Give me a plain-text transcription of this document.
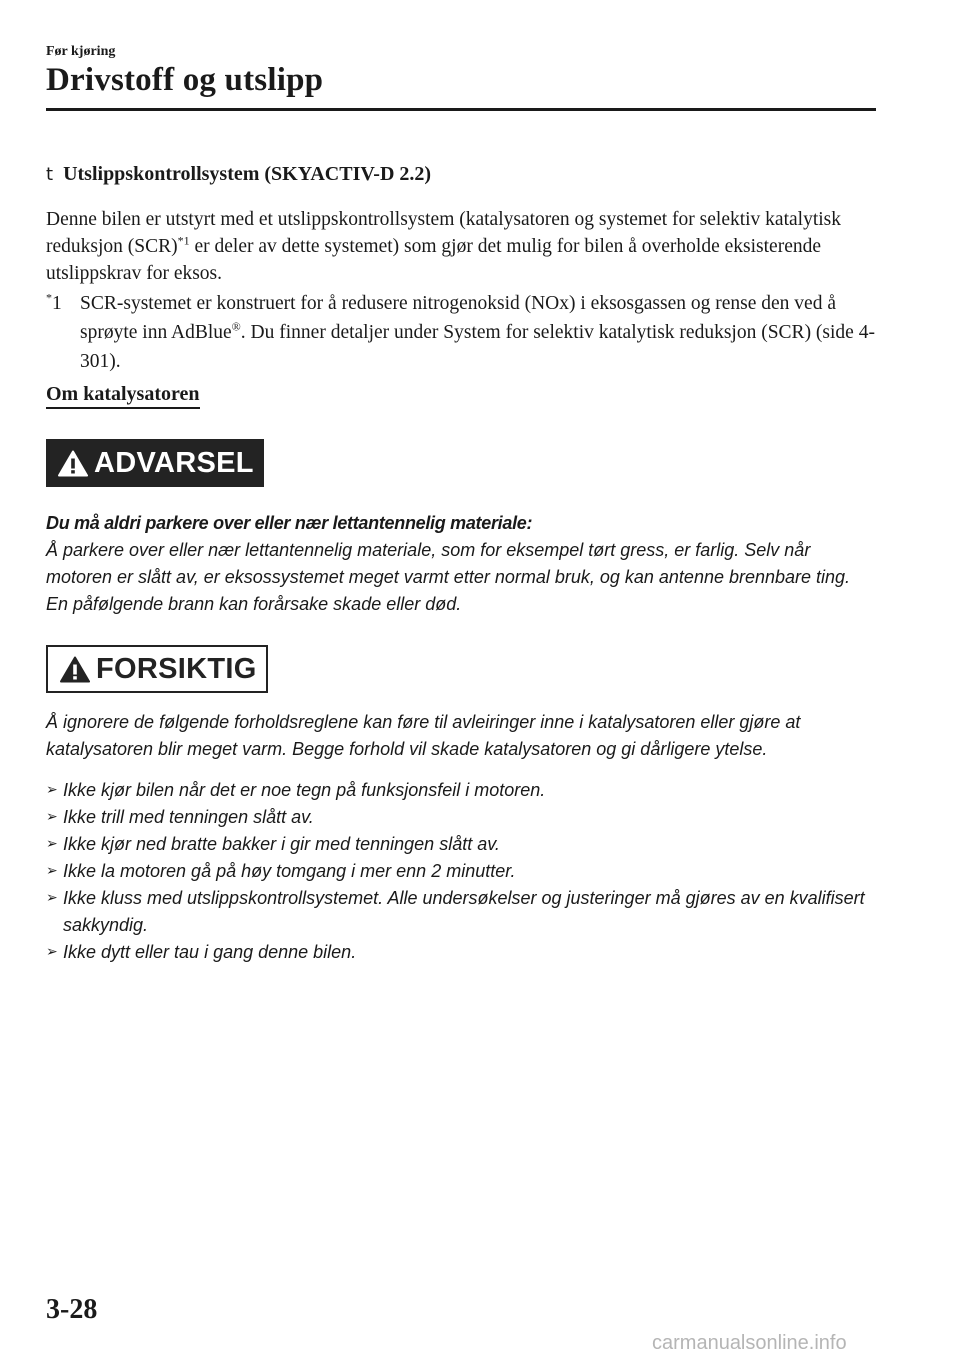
Før kjøring
Drivstoff og utslipp
t Utslippskontrollsystem (SKYACTIV-D 2.2)
Denne bilen er utstyrt med et utslippskontrollsystem (katalysatoren og systemet for selektiv katalytisk reduksjon (SCR)$^{*1}$ er deler av dette systemet) som gjør det mulig for bilen å overholde eksisterende utslippskrav for eksos.
*1 SCR-systemet er konstruert for å redusere nitrogenoksid (NOx) i eksosgassen og rense den ved å sprøyte inn AdBlue®. Du finner detaljer under System for selektiv katalytisk reduksjon (SCR) (side 4-301).
Om katalysatoren
ADVARSEL
Du må aldri parkere over eller nær lettantennelig materiale:
Å parkere over eller nær lettantennelig materiale, som for eksempel tørt gress, er farlig. Selv når motoren er slått av, er eksossystemet meget varmt etter normal bruk, og kan antenne brennbare ting. En påfølgende brann kan forårsake skade eller død.
FORSIKTIG
Å ignorere de følgende forholdsreglene kan føre til avleiringer inne i katalysatoren eller gjøre at katalysatoren blir meget varm. Begge forhold vil skade katalysatoren og gi dårligere ytelse.
➢ Ikke kjør bilen når det er noe tegn på funksjonsfeil i motoren.
➢ Ikke trill med tenningen slått av.
➢ Ikke kjør ned bratte bakker i gir med tenningen slått av.
➢ Ikke la motoren gå på høy tomgang i mer enn 2 minutter.
➢ Ikke kluss med utslippskontrollsystemet. Alle undersøkelser og justeringer må gjøres av en kvalifisert sakkyndig.
➢ Ikke dytt eller tau i gang denne bilen.
3-28
carmanualsonline.info
